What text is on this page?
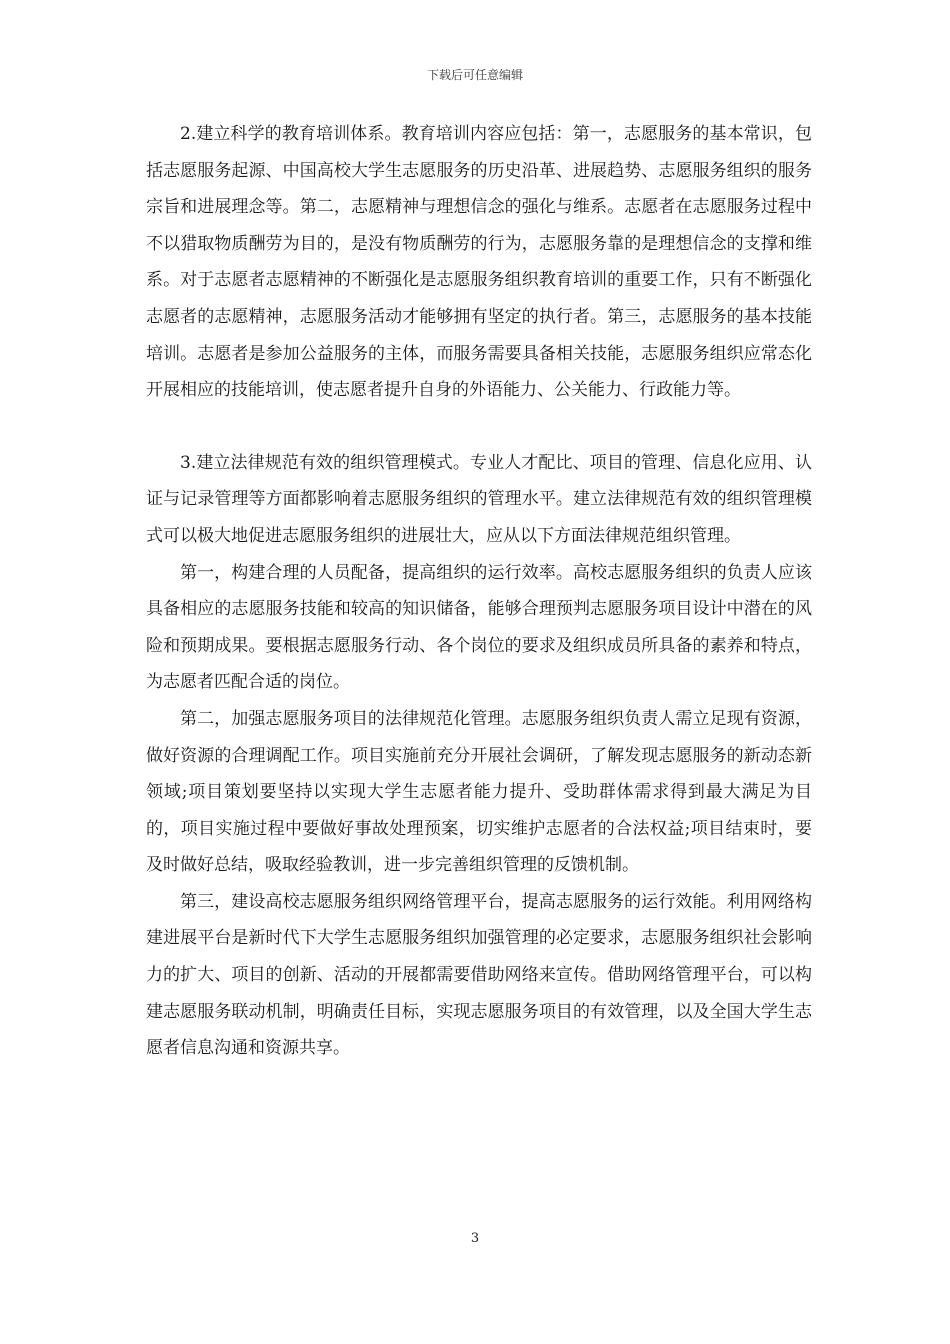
下载后可任意编辑

2.建立科学的教育培训体系。教育培训内容应包括：第一，志愿服务的基本常识，包括志愿服务起源、中国高校大学生志愿服务的历史沿革、进展趋势、志愿服务组织的服务宗旨和进展理念等。第二，志愿精神与理想信念的强化与维系。志愿者在志愿服务过程中不以猎取物质酬劳为目的，是没有物质酬劳的行为，志愿服务靠的是理想信念的支撑和维系。对于志愿者志愿精神的不断强化是志愿服务组织教育培训的重要工作，只有不断强化志愿者的志愿精神，志愿服务活动才能够拥有坚定的执行者。第三，志愿服务的基本技能培训。志愿者是参加公益服务的主体，而服务需要具备相关技能，志愿服务组织应常态化开展相应的技能培训，使志愿者提升自身的外语能力、公关能力、行政能力等。

3.建立法律规范有效的组织管理模式。专业人才配比、项目的管理、信息化应用、认证与记录管理等方面都影响着志愿服务组织的管理水平。建立法律规范有效的组织管理模式可以极大地促进志愿服务组织的进展壮大，应从以下方面法律规范组织管理。

第一，构建合理的人员配备，提高组织的运行效率。高校志愿服务组织的负责人应该具备相应的志愿服务技能和较高的知识储备，能够合理预判志愿服务项目设计中潜在的风险和预期成果。要根据志愿服务行动、各个岗位的要求及组织成员所具备的素养和特点，为志愿者匹配合适的岗位。

第二，加强志愿服务项目的法律规范化管理。志愿服务组织负责人需立足现有资源，做好资源的合理调配工作。项目实施前充分开展社会调研，了解发现志愿服务的新动态新领域;项目策划要坚持以实现大学生志愿者能力提升、受助群体需求得到最大满足为目的，项目实施过程中要做好事故处理预案，切实维护志愿者的合法权益;项目结束时，要及时做好总结，吸取经验教训，进一步完善组织管理的反馈机制。

第三，建设高校志愿服务组织网络管理平台，提高志愿服务的运行效能。利用网络构建进展平台是新时代下大学生志愿服务组织加强管理的必定要求，志愿服务组织社会影响力的扩大、项目的创新、活动的开展都需要借助网络来宣传。借助网络管理平台，可以构建志愿服务联动机制，明确责任目标，实现志愿服务项目的有效管理，以及全国大学生志愿者信息沟通和资源共享。

3
